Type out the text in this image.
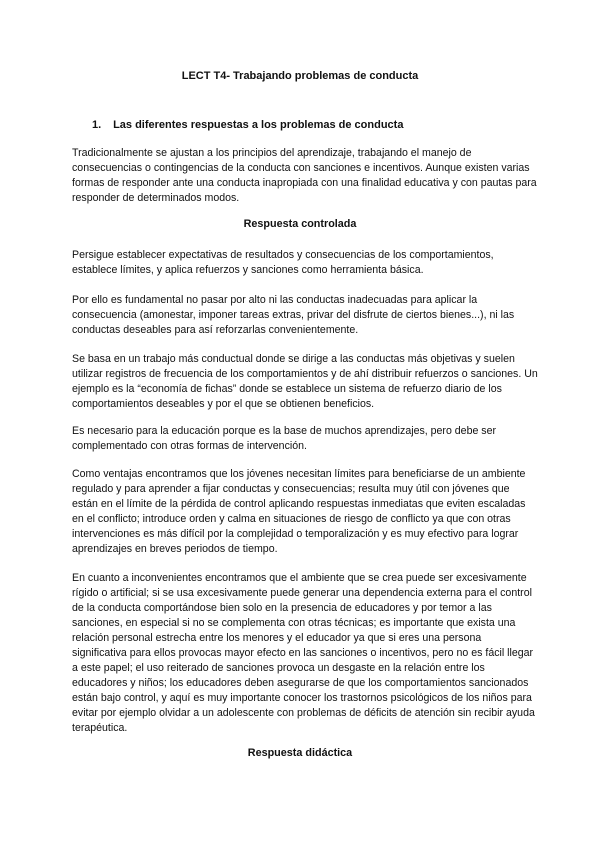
LECT T4- Trabajando problemas de conducta
1. Las diferentes respuestas a los problemas de conducta

Tradicionalmente se ajustan a los principios del aprendizaje, trabajando el manejo de consecuencias o contingencias de la conducta con sanciones e incentivos. Aunque existen varias formas de responder ante una conducta inapropiada con una finalidad educativa y con pautas para responder de determinados modos.

Respuesta controlada

Persigue establecer expectativas de resultados y consecuencias de los comportamientos, establece límites, y aplica refuerzos y sanciones como herramienta básica.

Por ello es fundamental no pasar por alto ni las conductas inadecuadas para aplicar la consecuencia (amonestar, imponer tareas extras, privar del disfrute de ciertos bienes...), ni las conductas deseables para así reforzarlas convenientemente.

Se basa en un trabajo más conductual donde se dirige a las conductas más objetivas y suelen utilizar registros de frecuencia de los comportamientos y de ahí distribuir refuerzos o sanciones. Un ejemplo es la “economía de fichas” donde se establece un sistema de refuerzo diario de los comportamientos deseables y por el que se obtienen beneficios.

Es necesario para la educación porque es la base de muchos aprendizajes, pero debe ser complementado con otras formas de intervención.

Como ventajas encontramos que los jóvenes necesitan límites para beneficiarse de un ambiente regulado y para aprender a fijar conductas y consecuencias; resulta muy útil con jóvenes que están en el límite de la pérdida de control aplicando respuestas inmediatas que eviten escaladas en el conflicto; introduce orden y calma en situaciones de riesgo de conflicto ya que con otras intervenciones es más difícil por la complejidad o temporalización y es muy efectivo para lograr aprendizajes en breves periodos de tiempo.

En cuanto a inconvenientes encontramos que el ambiente que se crea puede ser excesivamente rígido o artificial; si se usa excesivamente puede generar una dependencia externa para el control de la conducta comportándose bien solo en la presencia de educadores y por temor a las sanciones, en especial si no se complementa con otras técnicas; es importante que exista una relación personal estrecha entre los menores y el educador ya que si eres una persona significativa para ellos provocas mayor efecto en las sanciones o incentivos, pero no es fácil llegar a este papel; el uso reiterado de sanciones provoca un desgaste en la relación entre los educadores y niños; los educadores deben asegurarse de que los comportamientos sancionados están bajo control, y aquí es muy importante conocer los trastornos psicológicos de los niños para evitar por ejemplo olvidar a un adolescente con problemas de déficits de atención sin recibir ayuda terapéutica.

Respuesta didáctica
